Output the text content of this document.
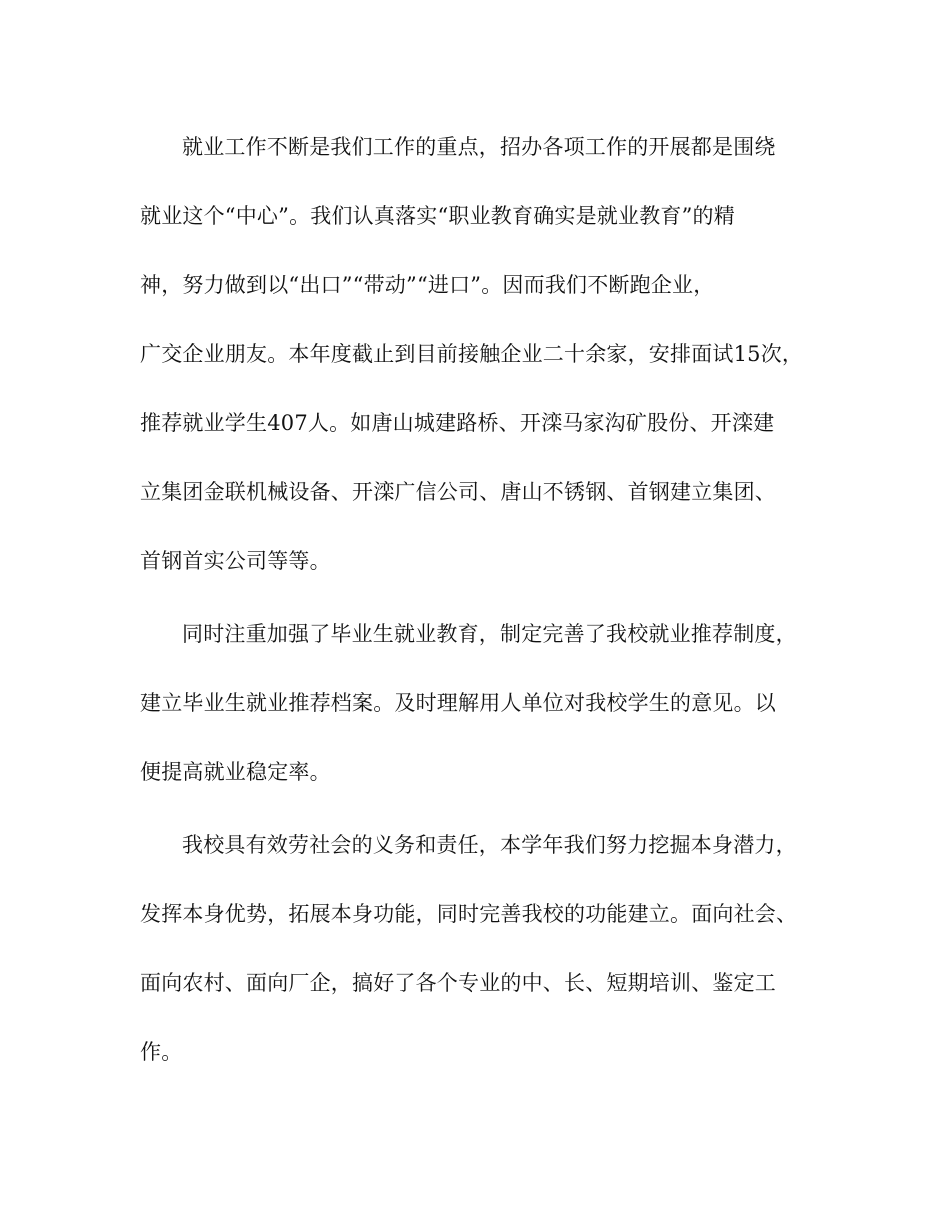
就业工作不断是我们工作的重点，招办各项工作的开展都是围绕
就业这个“中心”。我们认真落实“职业教育确实是就业教育”的精
神，努力做到以“出口”“带动”“进口”。因而我们不断跑企业，
广交企业朋友。本年度截止到目前接触企业二十余家，安排面试15次，
推荐就业学生407人。如唐山城建路桥、开滦马家沟矿股份、开滦建
立集团金联机械设备、开滦广信公司、唐山不锈钢、首钢建立集团、
首钢首实公司等等。
同时注重加强了毕业生就业教育，制定完善了我校就业推荐制度，
建立毕业生就业推荐档案。及时理解用人单位对我校学生的意见。以
便提高就业稳定率。
我校具有效劳社会的义务和责任，本学年我们努力挖掘本身潜力，
发挥本身优势，拓展本身功能，同时完善我校的功能建立。面向社会、
面向农村、面向厂企，搞好了各个专业的中、长、短期培训、鉴定工
作。
